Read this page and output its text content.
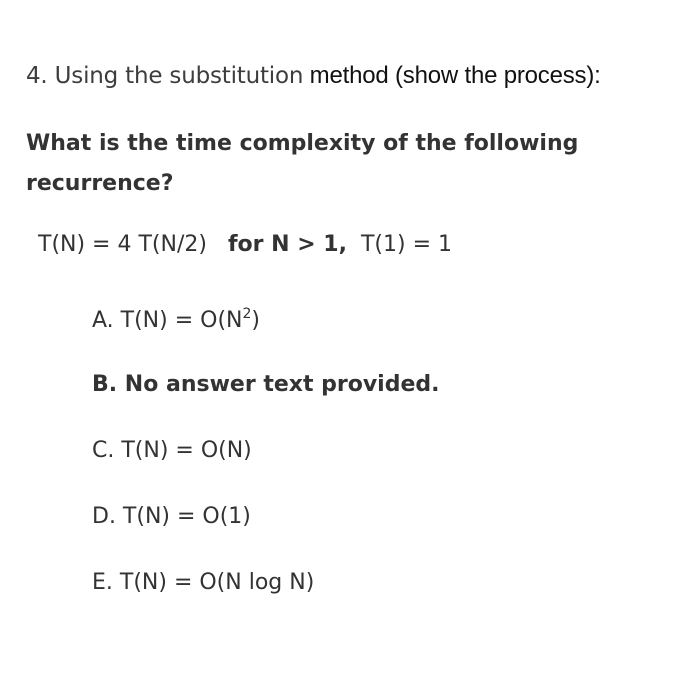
4. Using the substitution method (show the process):
What is the time complexity of the following recurrence?
T(N) = 4 T(N/2) for N > 1, T(1) = 1
A. $T(N) = O(N^2)$
B. No answer text provided.
C. T(N) = O(N)
D. T(N) = O(1)
E. T(N) = O(N log N)
